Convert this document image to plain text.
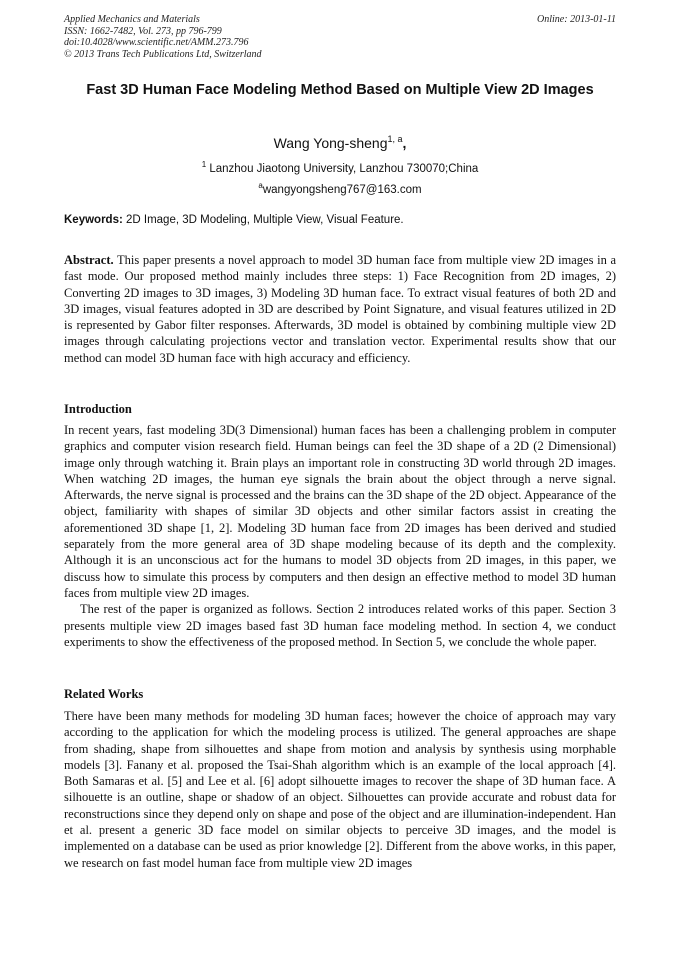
Applied Mechanics and Materials
ISSN: 1662-7482, Vol. 273, pp 796-799
doi:10.4028/www.scientific.net/AMM.273.796
© 2013 Trans Tech Publications Ltd, Switzerland
Online: 2013-01-11
Fast 3D Human Face Modeling Method Based on Multiple View 2D Images
Wang Yong-sheng$^{1, a}$,
$^1$ Lanzhou Jiaotong University, Lanzhou 730070;China
$^a$wangyongsheng767@163.com
Keywords: 2D Image, 3D Modeling, Multiple View, Visual Feature.

Abstract. This paper presents a novel approach to model 3D human face from multiple view 2D images in a fast mode. Our proposed method mainly includes three steps: 1) Face Recognition from 2D images, 2) Converting 2D images to 3D images, 3) Modeling 3D human face. To extract visual features of both 2D and 3D images, visual features adopted in 3D are described by Point Signature, and visual features utilized in 2D is represented by Gabor filter responses. Afterwards, 3D model is obtained by combining multiple view 2D images through calculating projections vector and translation vector. Experimental results show that our method can model 3D human face with high accuracy and efficiency.

Introduction

In recent years, fast modeling 3D(3 Dimensional) human faces has been a challenging problem in computer graphics and computer vision research field. Human beings can feel the 3D shape of a 2D (2 Dimensional) image only through watching it. Brain plays an important role in constructing 3D world through 2D images. When watching 2D images, the human eye signals the brain about the object through a nerve signal. Afterwards, the nerve signal is processed and the brains can the 3D shape of the 2D object. Appearance of the object, familiarity with shapes of similar 3D objects and other similar factors assist in creating the aforementioned 3D shape [1, 2]. Modeling 3D human face from 2D images has been derived and studied separately from the more general area of 3D shape modeling because of its depth and the complexity. Although it is an unconscious act for the humans to model 3D objects from 2D images, in this paper, we discuss how to simulate this process by computers and then design an effective method to model 3D human faces from multiple view 2D images.

The rest of the paper is organized as follows. Section 2 introduces related works of this paper. Section 3 presents multiple view 2D images based fast 3D human face modeling method. In section 4, we conduct experiments to show the effectiveness of the proposed method. In Section 5, we conclude the whole paper.

Related Works

There have been many methods for modeling 3D human faces; however the choice of approach may vary according to the application for which the modeling process is utilized. The general approaches are shape from shading, shape from silhouettes and shape from motion and analysis by synthesis using morphable models [3]. Fanany et al. proposed the Tsai-Shah algorithm which is an example of the local approach [4]. Both Samaras et al. [5] and Lee et al. [6] adopt silhouette images to recover the shape of 3D human face. A silhouette is an outline, shape or shadow of an object. Silhouettes can provide accurate and robust data for reconstructions since they depend only on shape and pose of the object and are illumination-independent. Han et al. present a generic 3D face model on similar objects to perceive 3D images, and the model is implemented on a database can be used as prior knowledge [2]. Different from the above works, in this paper, we research on fast model human face from multiple view 2D images
